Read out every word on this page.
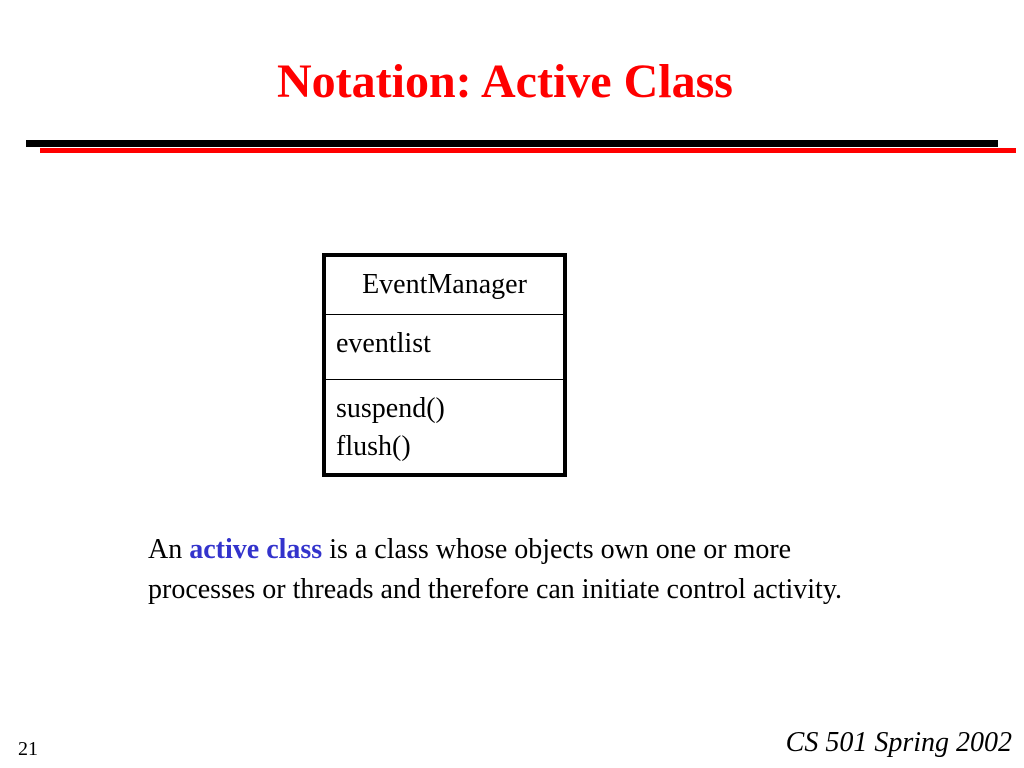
Notation: Active Class
EventManager
eventlist
suspend()
flush()

An active class is a class whose objects own one or more processes or threads and therefore can initiate control activity.

21	CS 501 Spring 2002
